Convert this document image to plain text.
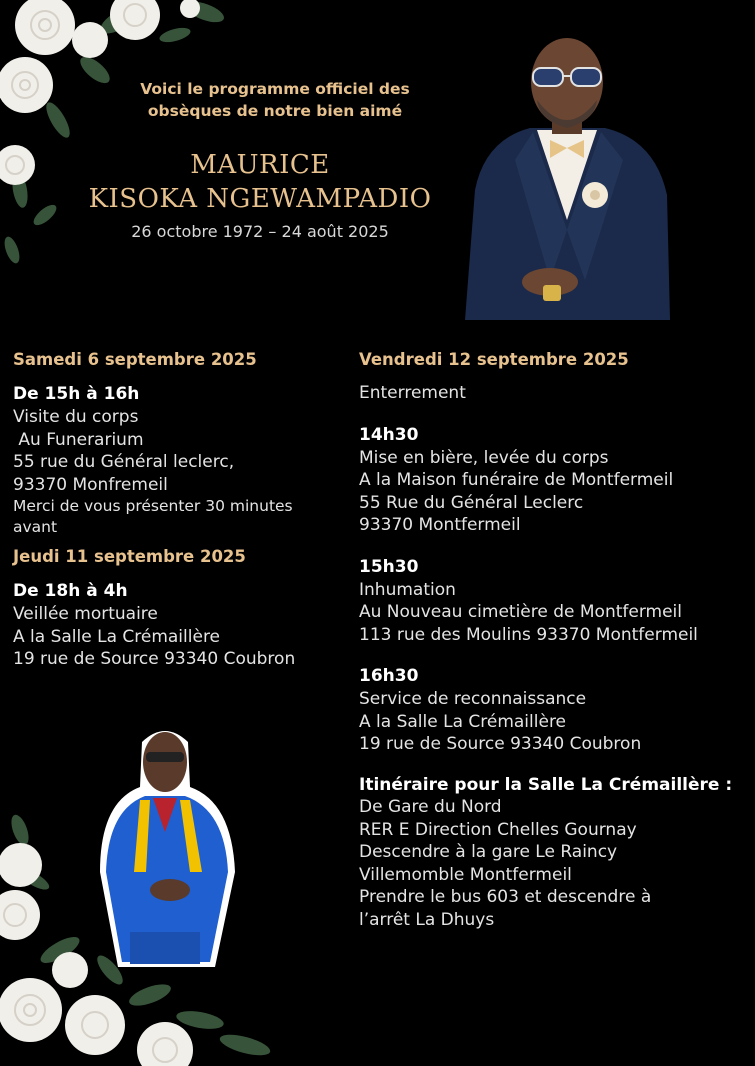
Voici le programme officiel des
obsèques de notre bien aimé
MAURICE
KISOKA NGEWAMPADIO
26 octobre 1972 – 24 août 2025
Samedi 6 septembre 2025
De 15h à 16h
Visite du corps
Au Funerarium
55 rue du Général leclerc,
93370 Monfremeil
Merci de vous présenter 30 minutes
avant
Jeudi 11 septembre 2025
De 18h à 4h
Veillée mortuaire
A la Salle La Crémaillère
19 rue de Source 93340 Coubron
Vendredi 12 septembre 2025
Enterrement
14h30
Mise en bière, levée du corps
A la Maison funéraire de Montfermeil
55 Rue du Général Leclerc
93370 Montfermeil
15h30
Inhumation
Au Nouveau cimetière de Montfermeil
113 rue des Moulins 93370 Montfermeil
16h30
Service de reconnaissance
A la Salle La Crémaillère
19 rue de Source 93340 Coubron
Itinéraire pour la Salle La Crémaillère :
De Gare du Nord
RER E Direction Chelles Gournay
Descendre à la gare Le Raincy
Villemomble Montfermeil
Prendre le bus 603 et descendre à
l’arrêt La Dhuys
